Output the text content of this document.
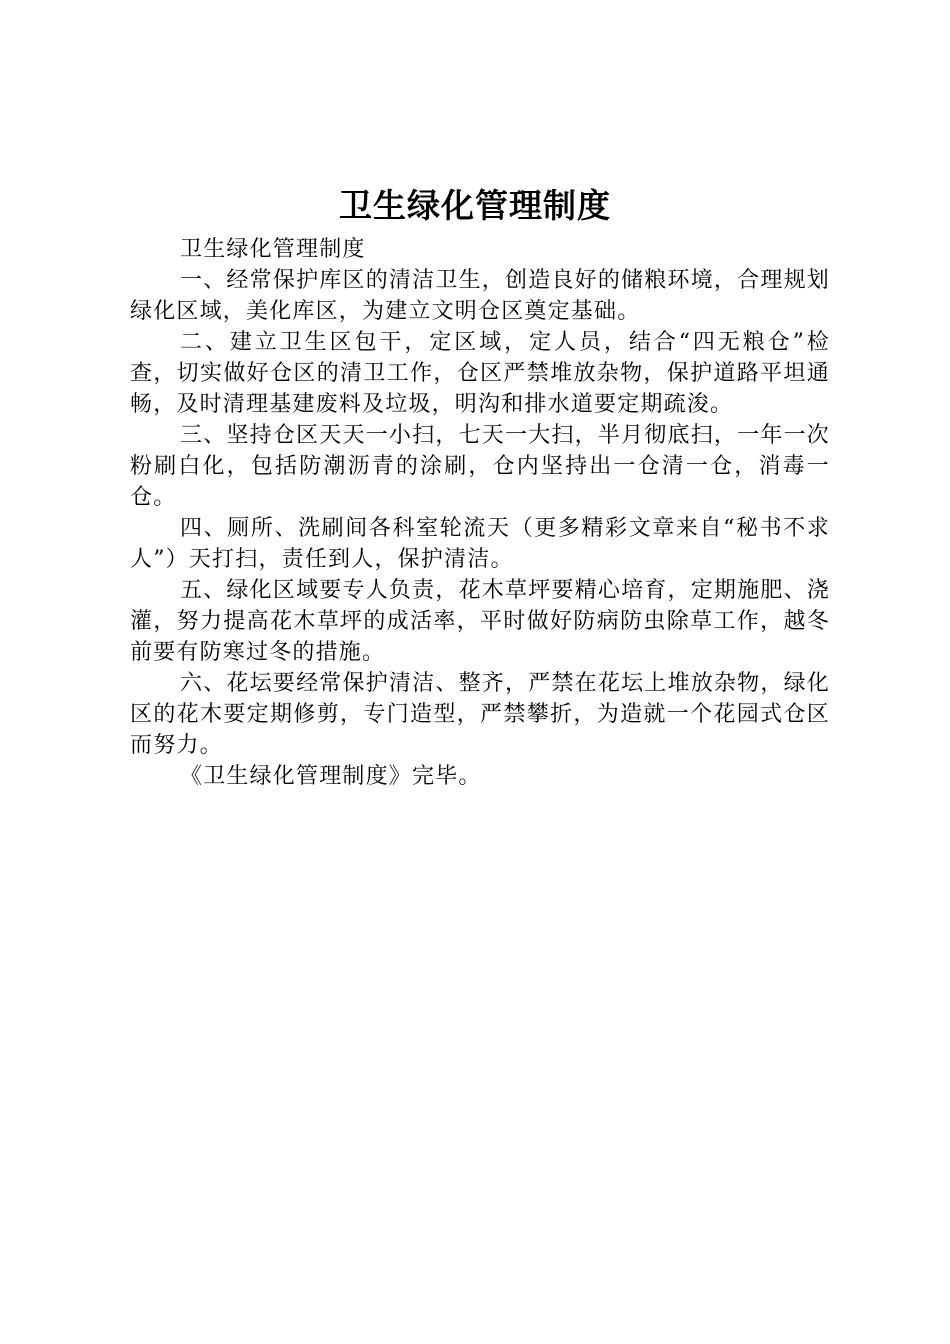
卫生绿化管理制度

卫生绿化管理制度

一、经常保护库区的清洁卫生，创造良好的储粮环境，合理规划绿化区域，美化库区，为建立文明仓区奠定基础。

二、建立卫生区包干，定区域，定人员，结合“四无粮仓”检查，切实做好仓区的清卫工作，仓区严禁堆放杂物，保护道路平坦通畅，及时清理基建废料及垃圾，明沟和排水道要定期疏浚。

三、坚持仓区天天一小扫，七天一大扫，半月彻底扫，一年一次粉刷白化，包括防潮沥青的涂刷，仓内坚持出一仓清一仓，消毒一仓。

四、厕所、洗刷间各科室轮流天（更多精彩文章来自“秘书不求人”）天打扫，责任到人，保护清洁。

五、绿化区域要专人负责，花木草坪要精心培育，定期施肥、浇灌，努力提高花木草坪的成活率，平时做好防病防虫除草工作，越冬前要有防寒过冬的措施。

六、花坛要经常保护清洁、整齐，严禁在花坛上堆放杂物，绿化区的花木要定期修剪，专门造型，严禁攀折，为造就一个花园式仓区而努力。

《卫生绿化管理制度》完毕。
